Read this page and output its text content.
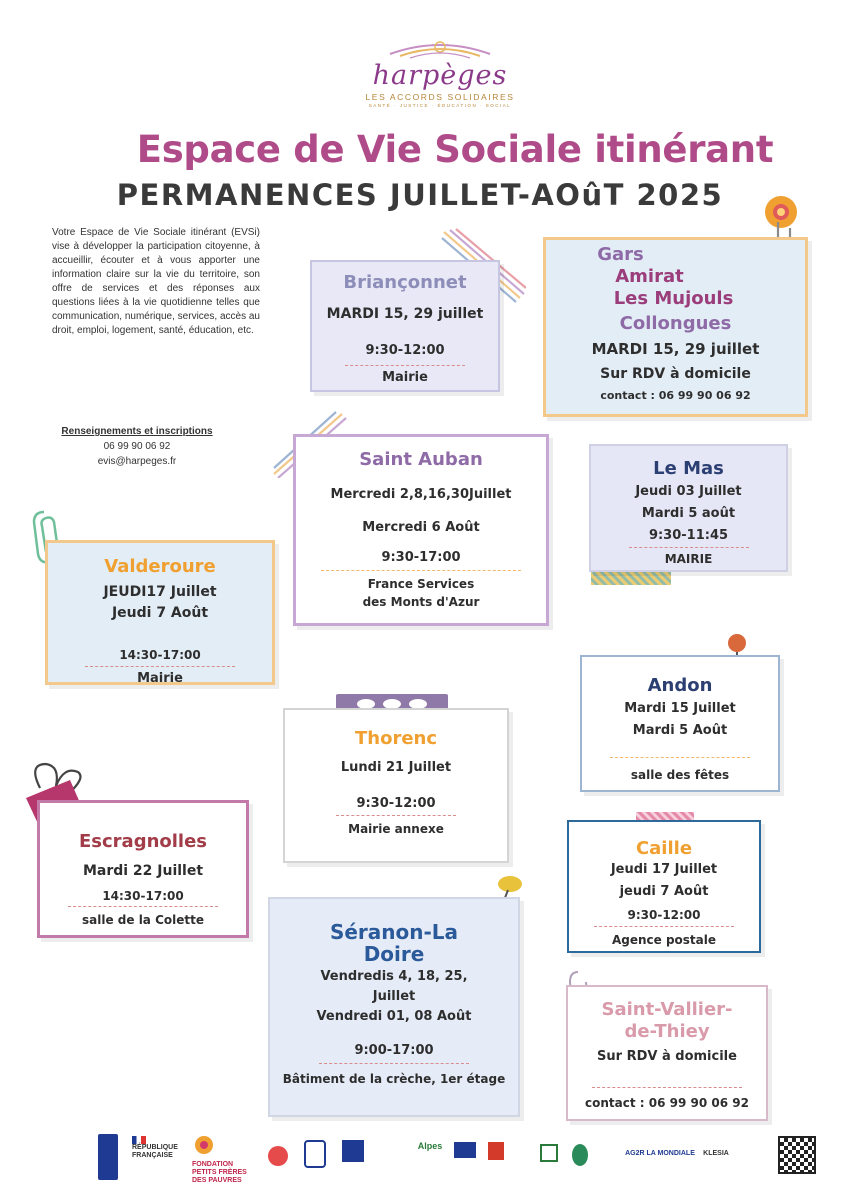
harpèges
LES ACCORDS SOLIDAIRES
SANTÉ · JUSTICE · ÉDUCATION · SOCIAL
Espace de Vie Sociale itinérant
PERMANENCES JUILLET-AOûT 2025
Votre Espace de Vie Sociale itinérant (EVSi) vise à développer la participation citoyenne, à accueillir, écouter et à vous apporter une information claire sur la vie du territoire, son offre de services et des réponses aux questions liées à la vie quotidienne telles que communication, numérique, services, accès au droit, emploi, logement, santé, éducation, etc.
Renseignements et inscriptions
06 99 90 06 92
evis@harpeges.fr
Briançonnet
MARDI 15, 29 juillet
9:30-12:00
Mairie
Gars
Amirat
Les Mujouls
Collongues
MARDI 15, 29 juillet
Sur RDV à domicile
contact : 06 99 90 06 92
Saint Auban
Mercredi 2,8,16,30Juillet
Mercredi 6 Août
9:30-17:00
France Services
des Monts d'Azur
Le Mas
Jeudi 03 Juillet
Mardi 5 août
9:30-11:45
MAIRIE
Valderoure
JEUDI17 Juillet
Jeudi 7 Août
14:30-17:00
Mairie	Andon
Mardi 15 Juillet
Mardi 5 Août
salle des fêtes
Thorenc
Lundi 21 Juillet
9:30-12:00
Mairie annexe
Escragnolles
Mardi 22 Juillet
14:30-17:00
salle de la Colette
Caille
Jeudi 17 Juillet
jeudi 7 Août
9:30-12:00
Agence postale
Séranon-La
Doire
Vendredis 4, 18, 25,
Juillet
Vendredi 01, 08 Août
9:00-17:00
Bâtiment de la crèche, 1er étage
Saint-Vallier-
de-Thiey
Sur RDV à domicile
contact : 06 99 90 06 92
RÉPUBLIQUE
FRANÇAISE
FONDATION
PETITS FRÈRES
DES PAUVRES
Alpes
AG2R LA MONDIALE	KLESIA
